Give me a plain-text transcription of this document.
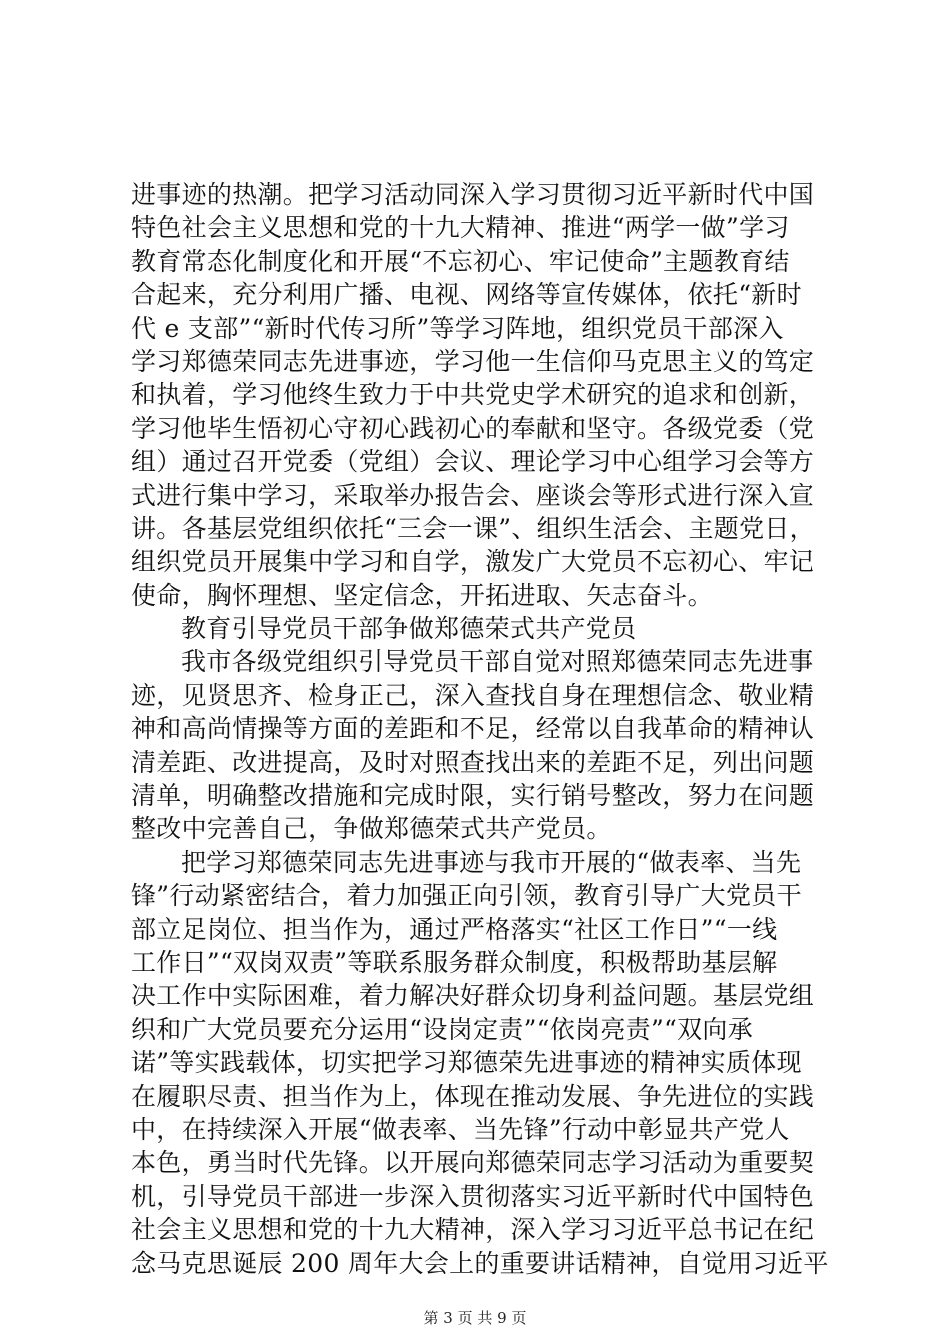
进事迹的热潮。把学习活动同深入学习贯彻习近平新时代中国
特色社会主义思想和党的十九大精神、推进“两学一做”学习
教育常态化制度化和开展“不忘初心、牢记使命”主题教育结
合起来，充分利用广播、电视、网络等宣传媒体，依托“新时
代 e 支部”“新时代传习所”等学习阵地，组织党员干部深入
学习郑德荣同志先进事迹，学习他一生信仰马克思主义的笃定
和执着，学习他终生致力于中共党史学术研究的追求和创新，
学习他毕生悟初心守初心践初心的奉献和坚守。各级党委（党
组）通过召开党委（党组）会议、理论学习中心组学习会等方
式进行集中学习，采取举办报告会、座谈会等形式进行深入宣
讲。各基层党组织依托“三会一课”、组织生活会、主题党日，
组织党员开展集中学习和自学，激发广大党员不忘初心、牢记
使命，胸怀理想、坚定信念，开拓进取、矢志奋斗。
教育引导党员干部争做郑德荣式共产党员
我市各级党组织引导党员干部自觉对照郑德荣同志先进事
迹，见贤思齐、检身正己，深入查找自身在理想信念、敬业精
神和高尚情操等方面的差距和不足，经常以自我革命的精神认
清差距、改进提高，及时对照查找出来的差距不足，列出问题
清单，明确整改措施和完成时限，实行销号整改，努力在问题
整改中完善自己，争做郑德荣式共产党员。
把学习郑德荣同志先进事迹与我市开展的“做表率、当先
锋”行动紧密结合，着力加强正向引领，教育引导广大党员干
部立足岗位、担当作为，通过严格落实“社区工作日”“一线
工作日”“双岗双责”等联系服务群众制度，积极帮助基层解
决工作中实际困难，着力解决好群众切身利益问题。基层党组
织和广大党员要充分运用“设岗定责”“依岗亮责”“双向承
诺”等实践载体，切实把学习郑德荣先进事迹的精神实质体现
在履职尽责、担当作为上，体现在推动发展、争先进位的实践
中，在持续深入开展“做表率、当先锋”行动中彰显共产党人
本色，勇当时代先锋。以开展向郑德荣同志学习活动为重要契
机，引导党员干部进一步深入贯彻落实习近平新时代中国特色
社会主义思想和党的十九大精神，深入学习习近平总书记在纪
念马克思诞辰 200 周年大会上的重要讲话精神，自觉用习近平
第 3 页 共 9 页
